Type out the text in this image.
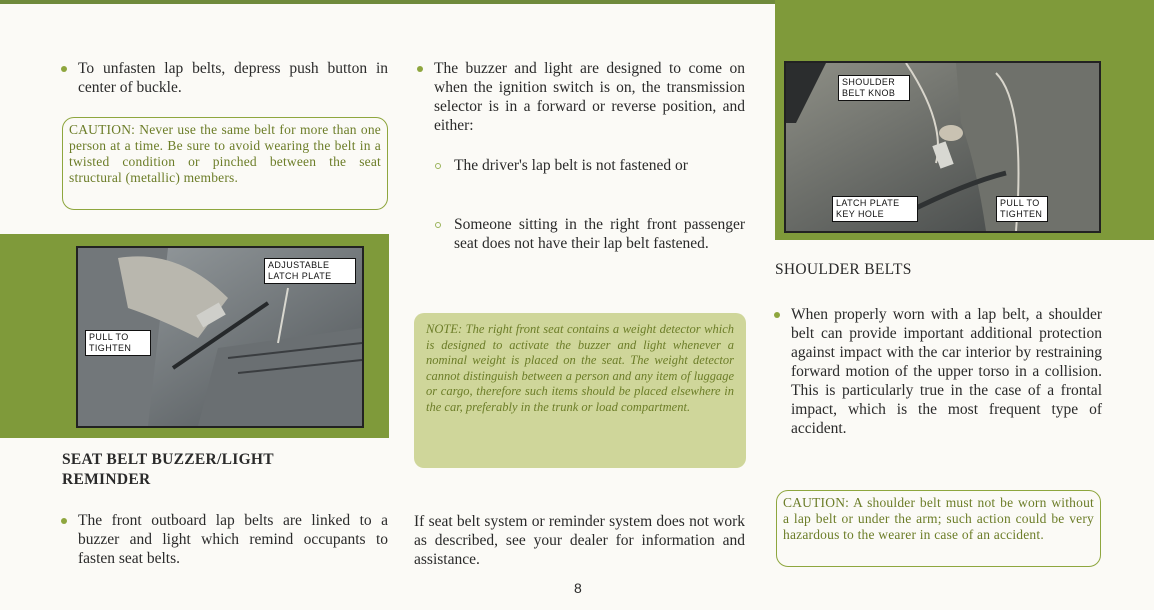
To unfasten lap belts, depress push button in center of buckle.

CAUTION: Never use the same belt for more than one person at a time. Be sure to avoid wearing the belt in a twisted condition or pinched between the seat structural (metallic) members.
ADJUSTABLE LATCH PLATE
PULL TO TIGHTEN
SEAT BELT BUZZER/LIGHT REMINDER

The front outboard lap belts are linked to a buzzer and light which remind occupants to fasten seat belts.

The buzzer and light are designed to come on when the ignition switch is on, the transmission selector is in a forward or reverse position, and either:

The driver's lap belt is not fastened or

Someone sitting in the right front passenger seat does not have their lap belt fastened.

NOTE: The right front seat contains a weight detector which is designed to activate the buzzer and light whenever a nominal weight is placed on the seat. The weight detector cannot distinguish between a person and any item of luggage or cargo, therefore such items should be placed elsewhere in the car, preferably in the trunk or load compartment.

If seat belt system or reminder system does not work as described, see your dealer for information and assistance.

8
SHOULDER BELT KNOB
LATCH PLATE KEY HOLE
PULL TO TIGHTEN
SHOULDER BELTS

When properly worn with a lap belt, a shoulder belt can provide important additional protection against impact with the car interior by restraining forward motion of the upper torso in a collision. This is particularly true in the case of a frontal impact, which is the most frequent type of accident.

CAUTION: A shoulder belt must not be worn without a lap belt or under the arm; such action could be very hazardous to the wearer in case of an accident.
